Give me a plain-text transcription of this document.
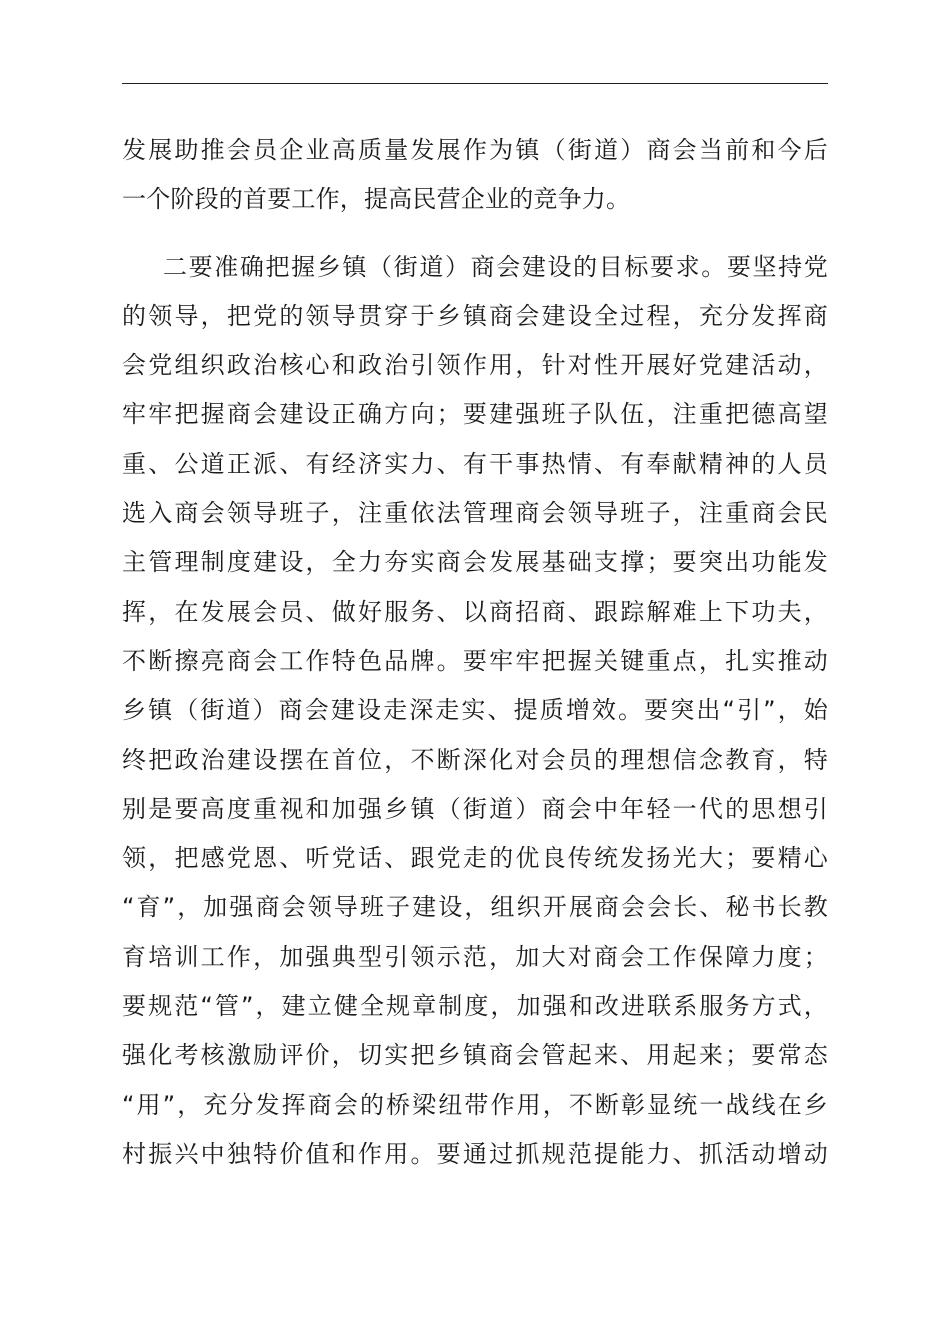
发展助推会员企业高质量发展作为镇（街道）商会当前和今后
一个阶段的首要工作，提高民营企业的竞争力。
二要准确把握乡镇（街道）商会建设的目标要求。要坚持党
的领导，把党的领导贯穿于乡镇商会建设全过程，充分发挥商
会党组织政治核心和政治引领作用，针对性开展好党建活动，
牢牢把握商会建设正确方向；要建强班子队伍，注重把德高望
重、公道正派、有经济实力、有干事热情、有奉献精神的人员
选入商会领导班子，注重依法管理商会领导班子，注重商会民
主管理制度建设，全力夯实商会发展基础支撑；要突出功能发
挥，在发展会员、做好服务、以商招商、跟踪解难上下功夫，
不断擦亮商会工作特色品牌。要牢牢把握关键重点，扎实推动
乡镇（街道）商会建设走深走实、提质增效。要突出“引”，始
终把政治建设摆在首位，不断深化对会员的理想信念教育，特
别是要高度重视和加强乡镇（街道）商会中年轻一代的思想引
领，把感党恩、听党话、跟党走的优良传统发扬光大；要精心
“育”，加强商会领导班子建设，组织开展商会会长、秘书长教
育培训工作，加强典型引领示范，加大对商会工作保障力度；
要规范“管”，建立健全规章制度，加强和改进联系服务方式，
强化考核激励评价，切实把乡镇商会管起来、用起来；要常态
“用”，充分发挥商会的桥梁纽带作用，不断彰显统一战线在乡
村振兴中独特价值和作用。要通过抓规范提能力、抓活动增动
